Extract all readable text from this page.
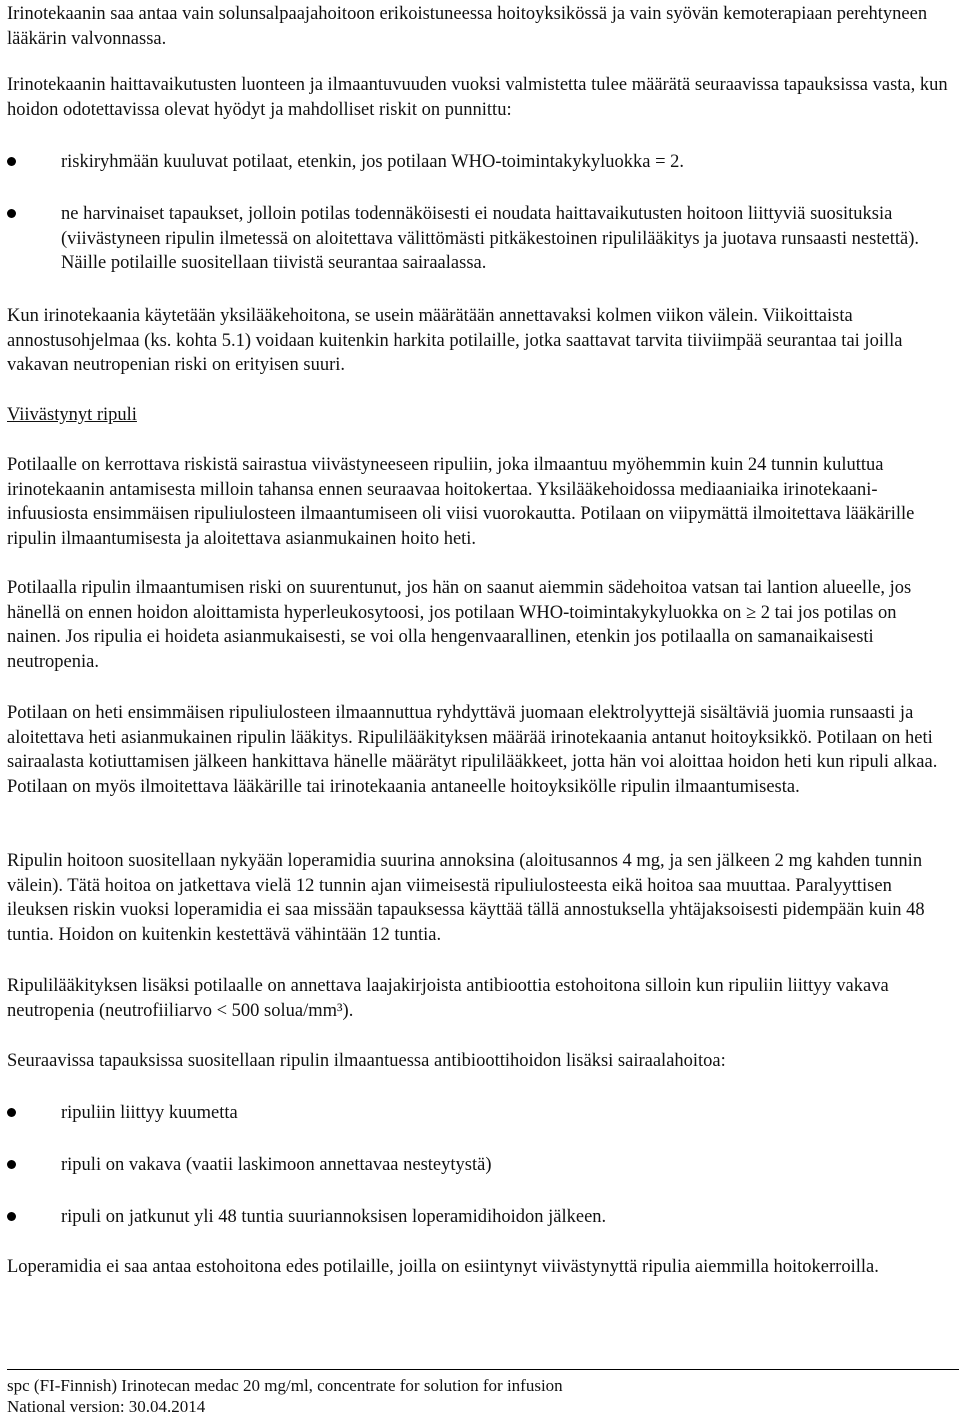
Irinotekaanin saa antaa vain solunsalpaajahoitoon erikoistuneessa hoitoyksikössä ja vain syövän kemoterapiaan perehtyneen lääkärin valvonnassa.

Irinotekaanin haittavaikutusten luonteen ja ilmaantuvuuden vuoksi valmistetta tulee määrätä seuraavissa tapauksissa vasta, kun hoidon odotettavissa olevat hyödyt ja mahdolliset riskit on punnittu:

riskiryhmään kuuluvat potilaat, etenkin, jos potilaan WHO-toimintakykyluokka = 2.

ne harvinaiset tapaukset, jolloin potilas todennäköisesti ei noudata haittavaikutusten hoitoon liittyviä suosituksia (viivästyneen ripulin ilmetessä on aloitettava välittömästi pitkäkestoinen ripulilääkitys ja juotava runsaasti nestettä). Näille potilaille suositellaan tiivistä seurantaa sairaalassa.

Kun irinotekaania käytetään yksilääkehoitona, se usein määrätään annettavaksi kolmen viikon välein. Viikoittaista annostusohjelmaa (ks. kohta 5.1) voidaan kuitenkin harkita potilaille, jotka saattavat tarvita tiiviimpää seurantaa tai joilla vakavan neutropenian riski on erityisen suuri.

Viivästynyt ripuli

Potilaalle on kerrottava riskistä sairastua viivästyneeseen ripuliin, joka ilmaantuu myöhemmin kuin 24 tunnin kuluttua irinotekaanin antamisesta milloin tahansa ennen seuraavaa hoitokertaa. Yksilääkehoidossa mediaaniaika irinotekaani-infuusiosta ensimmäisen ripuliulosteen ilmaantumiseen oli viisi vuorokautta. Potilaan on viipymättä ilmoitettava lääkärille ripulin ilmaantumisesta ja aloitettava asianmukainen hoito heti.

Potilaalla ripulin ilmaantumisen riski on suurentunut, jos hän on saanut aiemmin sädehoitoa vatsan tai lantion alueelle, jos hänellä on ennen hoidon aloittamista hyperleukosytoosi, jos potilaan WHO-toimintakykyluokka on ≥ 2 tai jos potilas on nainen. Jos ripulia ei hoideta asianmukaisesti, se voi olla hengenvaarallinen, etenkin jos potilaalla on samanaikaisesti neutropenia.

Potilaan on heti ensimmäisen ripuliulosteen ilmaannuttua ryhdyttävä juomaan elektrolyyttejä sisältäviä juomia runsaasti ja aloitettava heti asianmukainen ripulin lääkitys. Ripulilääkityksen määrää irinotekaania antanut hoitoyksikkö. Potilaan on heti sairaalasta kotiuttamisen jälkeen hankittava hänelle määrätyt ripulilääkkeet, jotta hän voi aloittaa hoidon heti kun ripuli alkaa. Potilaan on myös ilmoitettava lääkärille tai irinotekaania antaneelle hoitoyksikölle ripulin ilmaantumisesta.

Ripulin hoitoon suositellaan nykyään loperamidia suurina annoksina (aloitusannos 4 mg, ja sen jälkeen 2 mg kahden tunnin välein). Tätä hoitoa on jatkettava vielä 12 tunnin ajan viimeisestä ripuliulosteesta eikä hoitoa saa muuttaa. Paralyyttisen ileuksen riskin vuoksi loperamidia ei saa missään tapauksessa käyttää tällä annostuksella yhtäjaksoisesti pidempään kuin 48 tuntia. Hoidon on kuitenkin kestettävä vähintään 12 tuntia.

Ripulilääkityksen lisäksi potilaalle on annettava laajakirjoista antibioottia estohoitona silloin kun ripuliin liittyy vakava neutropenia (neutrofiiliarvo < 500 solua/mm³).

Seuraavissa tapauksissa suositellaan ripulin ilmaantuessa antibioottihoidon lisäksi sairaalahoitoa:

ripuliin liittyy kuumetta

ripuli on vakava (vaatii laskimoon annettavaa nesteytystä)

ripuli on jatkunut yli 48 tuntia suuriannoksisen loperamidihoidon jälkeen.

Loperamidia ei saa antaa estohoitona edes potilaille, joilla on esiintynyt viivästynyttä ripulia aiemmilla hoitokerroilla.

spc (FI-Finnish) Irinotecan medac 20 mg/ml, concentrate for solution for infusion

National version: 30.04.2014
